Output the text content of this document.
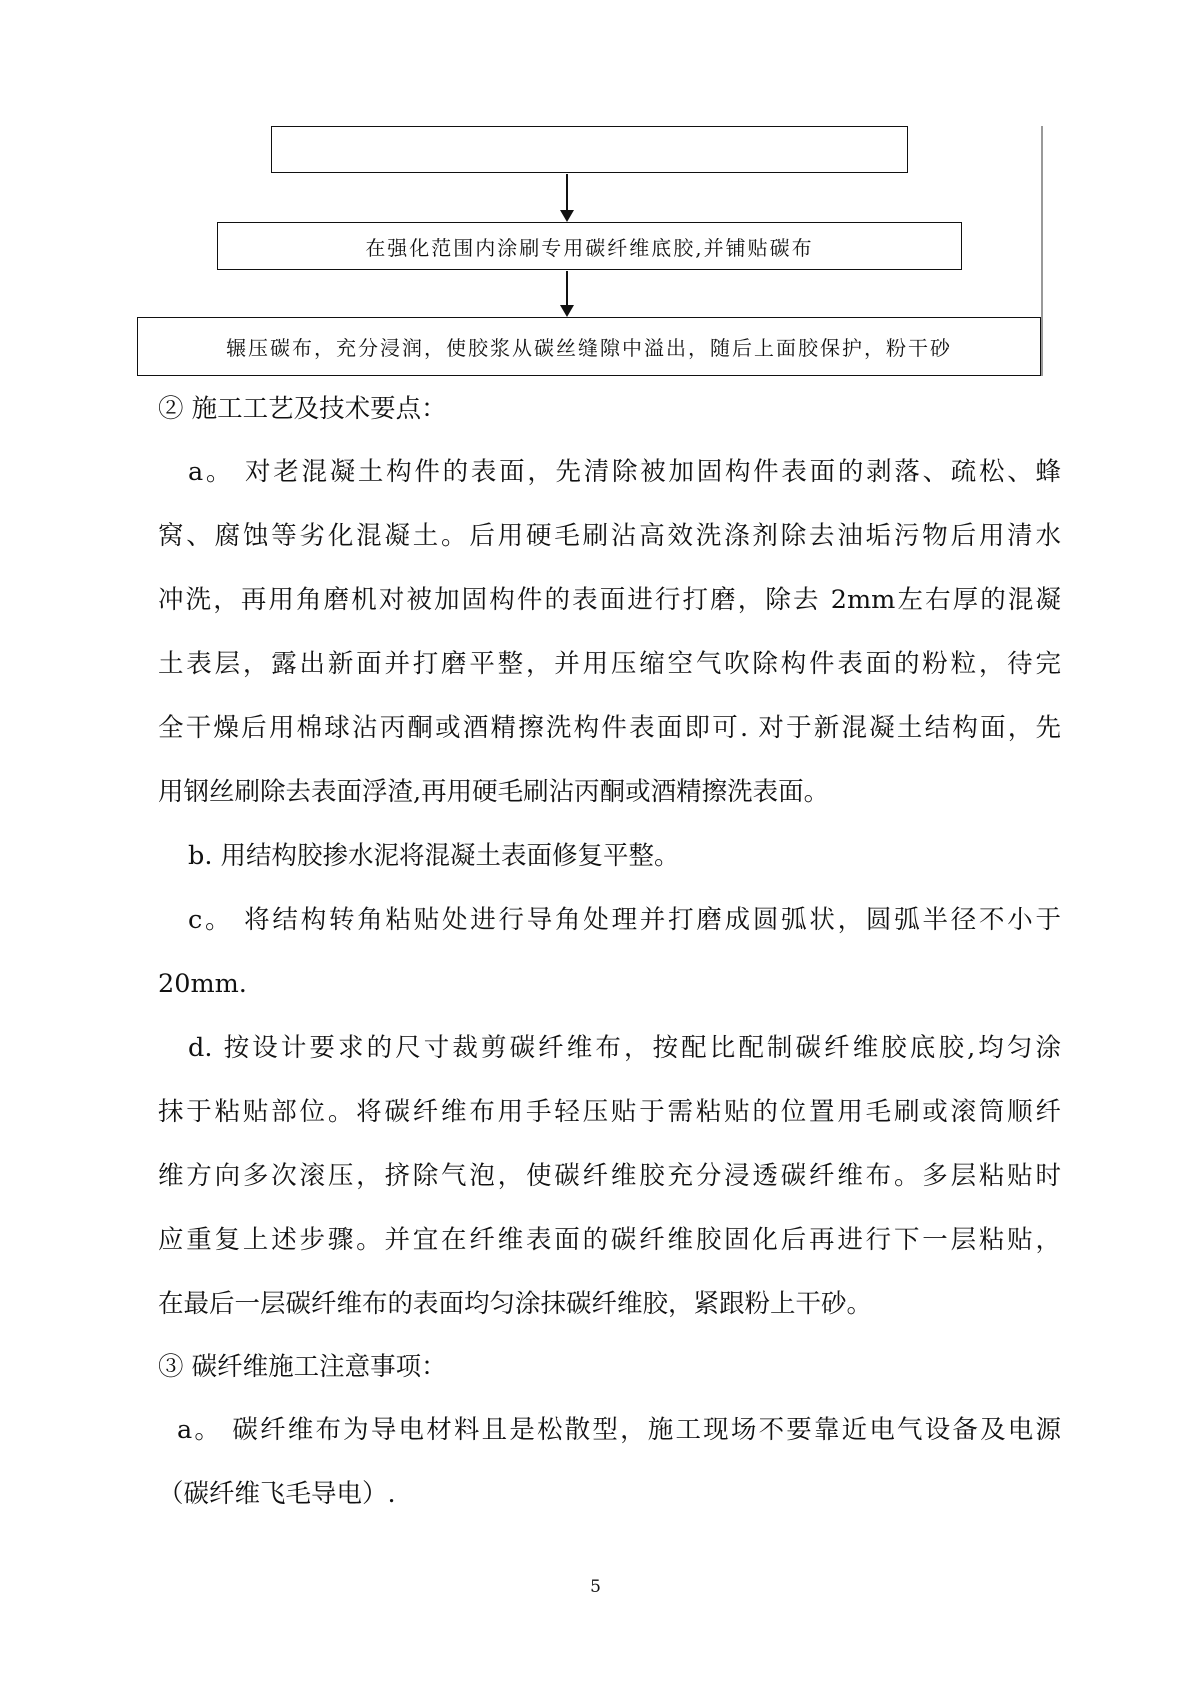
在强化范围内涂刷专用碳纤维底胶,并铺贴碳布
辗压碳布，充分浸润，使胶浆从碳丝缝隙中溢出，随后上面胶保护，粉干砂
② 施工工艺及技术要点：
a。 对老混凝土构件的表面，先清除被加固构件表面的剥落、疏松、蜂
窝、腐蚀等劣化混凝土。后用硬毛刷沾高效洗涤剂除去油垢污物后用清水
冲洗，再用角磨机对被加固构件的表面进行打磨，除去 2mm左右厚的混凝
土表层，露出新面并打磨平整，并用压缩空气吹除构件表面的粉粒，待完
全干燥后用棉球沾丙酮或酒精擦洗构件表面即可. 对于新混凝土结构面，先
用钢丝刷除去表面浮渣,再用硬毛刷沾丙酮或酒精擦洗表面。
b. 用结构胶掺水泥将混凝土表面修复平整。
c。 将结构转角粘贴处进行导角处理并打磨成圆弧状，圆弧半径不小于
20mm.
d. 按设计要求的尺寸裁剪碳纤维布，按配比配制碳纤维胶底胶,均匀涂
抹于粘贴部位。将碳纤维布用手轻压贴于需粘贴的位置用毛刷或滚筒顺纤
维方向多次滚压，挤除气泡，使碳纤维胶充分浸透碳纤维布。多层粘贴时
应重复上述步骤。并宜在纤维表面的碳纤维胶固化后再进行下一层粘贴，
在最后一层碳纤维布的表面均匀涂抹碳纤维胶，紧跟粉上干砂。
③ 碳纤维施工注意事项：
a。 碳纤维布为导电材料且是松散型，施工现场不要靠近电气设备及电源
（碳纤维飞毛导电）.
5
